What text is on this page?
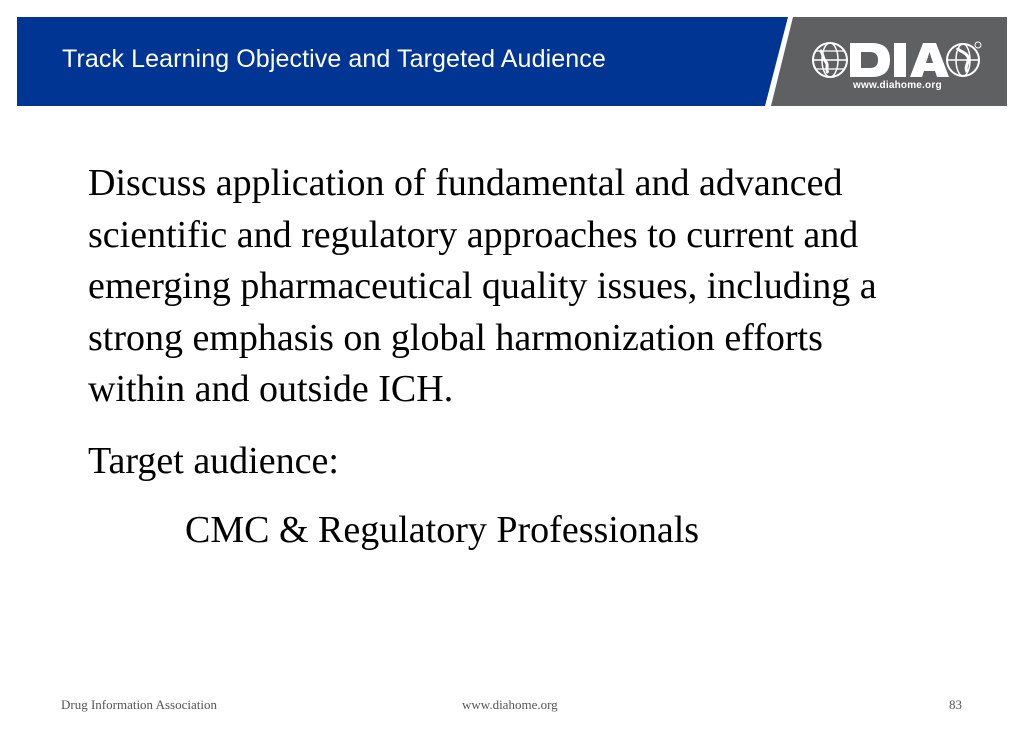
Track Learning Objective and Targeted Audience
www.diahome.org

Discuss application of fundamental and advanced scientific and regulatory approaches to current and emerging pharmaceutical quality issues, including a strong emphasis on global harmonization efforts within and outside ICH.

Target audience:

CMC & Regulatory Professionals

Drug Information Association	www.diahome.org	83
